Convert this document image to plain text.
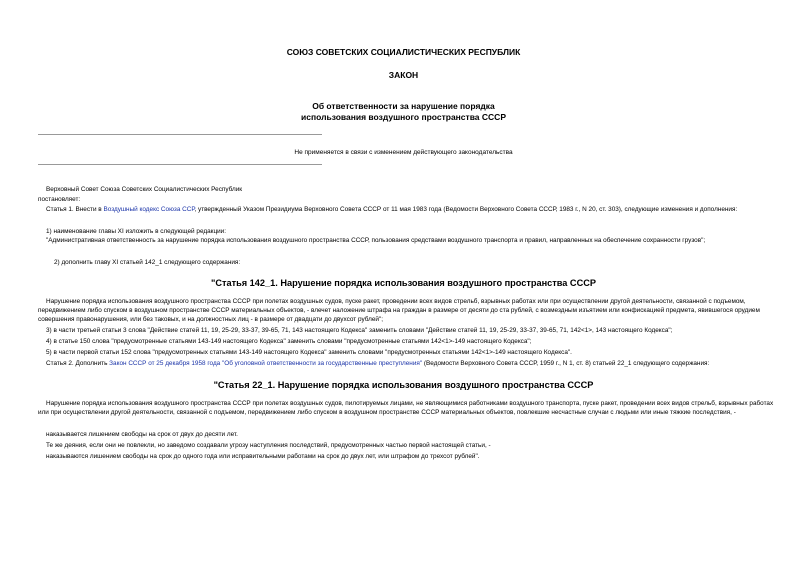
СОЮЗ СОВЕТСКИХ СОЦИАЛИСТИЧЕСКИХ РЕСПУБЛИК
ЗАКОН
Об ответственности за нарушение порядка
использования воздушного пространства СССР
Не применяется в связи с изменением действующего законодательства
Верховный Совет Союза Советских Социалистических Республик
постановляет:
Статья 1. Внести в Воздушный кодекс Союза ССР, утвержденный Указом Президиума Верховного Совета СССР от 11 мая 1983 года (Ведомости Верховного Совета СССР, 1983 г., N 20, ст. 303), следующие изменения и дополнения:
1) наименование главы XI изложить в следующей редакции:
"Административная ответственность за нарушение порядка использования воздушного пространства СССР, пользования средствами воздушного транспорта и правил, направленных на обеспечение сохранности грузов";
2) дополнить главу XI статьей 142_1 следующего содержания:
"Статья 142_1. Нарушение порядка использования воздушного пространства СССР
Нарушение порядка использования воздушного пространства СССР при полетах воздушных судов, пуске ракет, проведении всех видов стрельб, взрывных работах или при осуществлении другой деятельности, связанной с подъемом, передвижением либо спуском в воздушном пространстве СССР материальных объектов, - влечет наложение штрафа на граждан в размере от десяти до ста рублей, с возмездным изъятием или конфискацией предмета, явившегося орудием совершения правонарушения, или без таковых, и на должностных лиц - в размере от двадцати до двухсот рублей";
3) в части третьей статьи 3 слова "Действие статей 11, 19, 25-29, 33-37, 39-65, 71, 143 настоящего Кодекса" заменить словами "Действие статей 11, 19, 25-29, 33-37, 39-65, 71, 142<1>, 143 настоящего Кодекса";
4) в статье 150 слова "предусмотренные статьями 143-149 настоящего Кодекса" заменить словами "предусмотренные статьями 142<1>-149 настоящего Кодекса";
5) в части первой статьи 152 слова "предусмотренных статьями 143-149 настоящего Кодекса" заменить словами "предусмотренных статьями 142<1>-149 настоящего Кодекса".
Статья 2. Дополнить Закон СССР от 25 декабря 1958 года "Об уголовной ответственности за государственные преступления" (Ведомости Верховного Совета СССР, 1959 г., N 1, ст. 8) статьей 22_1 следующего содержания:
"Статья 22_1. Нарушение порядка использования воздушного пространства СССР
Нарушение порядка использования воздушного пространства СССР при полетах воздушных судов, пилотируемых лицами, не являющимися работниками воздушного транспорта, пуске ракет, проведении всех видов стрельб, взрывных работах или при осуществлении другой деятельности, связанной с подъемом, передвижением либо спуском в воздушном пространстве СССР материальных объектов, повлекшие несчастные случаи с людьми или иные тяжкие последствия, -
наказывается лишением свободы на срок от двух до десяти лет.
Те же деяния, если они не повлекли, но заведомо создавали угрозу наступления последствий, предусмотренных частью первой настоящей статьи, -
наказываются лишением свободы на срок до одного года или исправительными работами на срок до двух лет, или штрафом до трехсот рублей".
